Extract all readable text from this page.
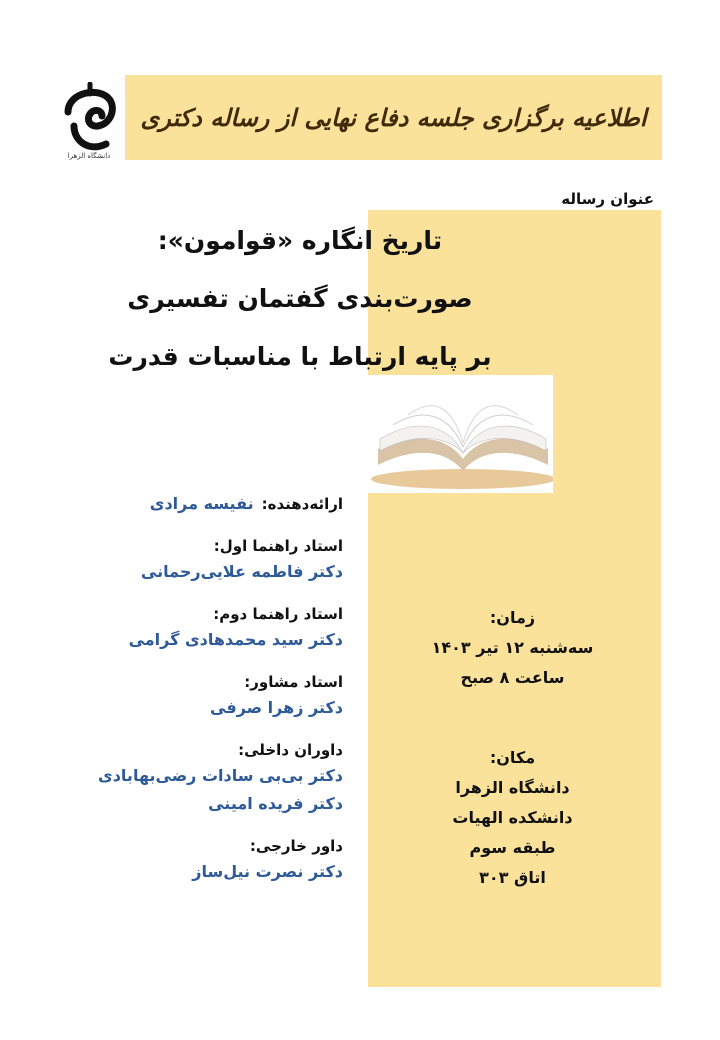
اطلاعیه برگزاری جلسه دفاع نهایی از رساله دکتری
دانشگاه الزهرا
عنوان رساله
تاریخ انگاره «قوامون»:
صورت‌بندی گفتمان تفسیری
بر پایه ارتباط با مناسبات قدرت
ارائه‌دهنده:
نفیسه مرادی
استاد راهنما اول:
دکتر فاطمه علایی‌رحمانی
استاد راهنما دوم:
دکتر سید محمدهادی گرامی
استاد مشاور:
دکتر زهرا صرفی
داوران داخلی:
دکتر بی‌بی سادات رضی‌بهابادی
دکتر فریده امینی
داور خارجی:
دکتر نصرت نیل‌ساز
زمان:
سه‌شنبه ۱۲ تیر ۱۴۰۳
ساعت ۸ صبح
مکان:
دانشگاه الزهرا
دانشکده الهیات
طبقه سوم
اتاق ۳۰۳
